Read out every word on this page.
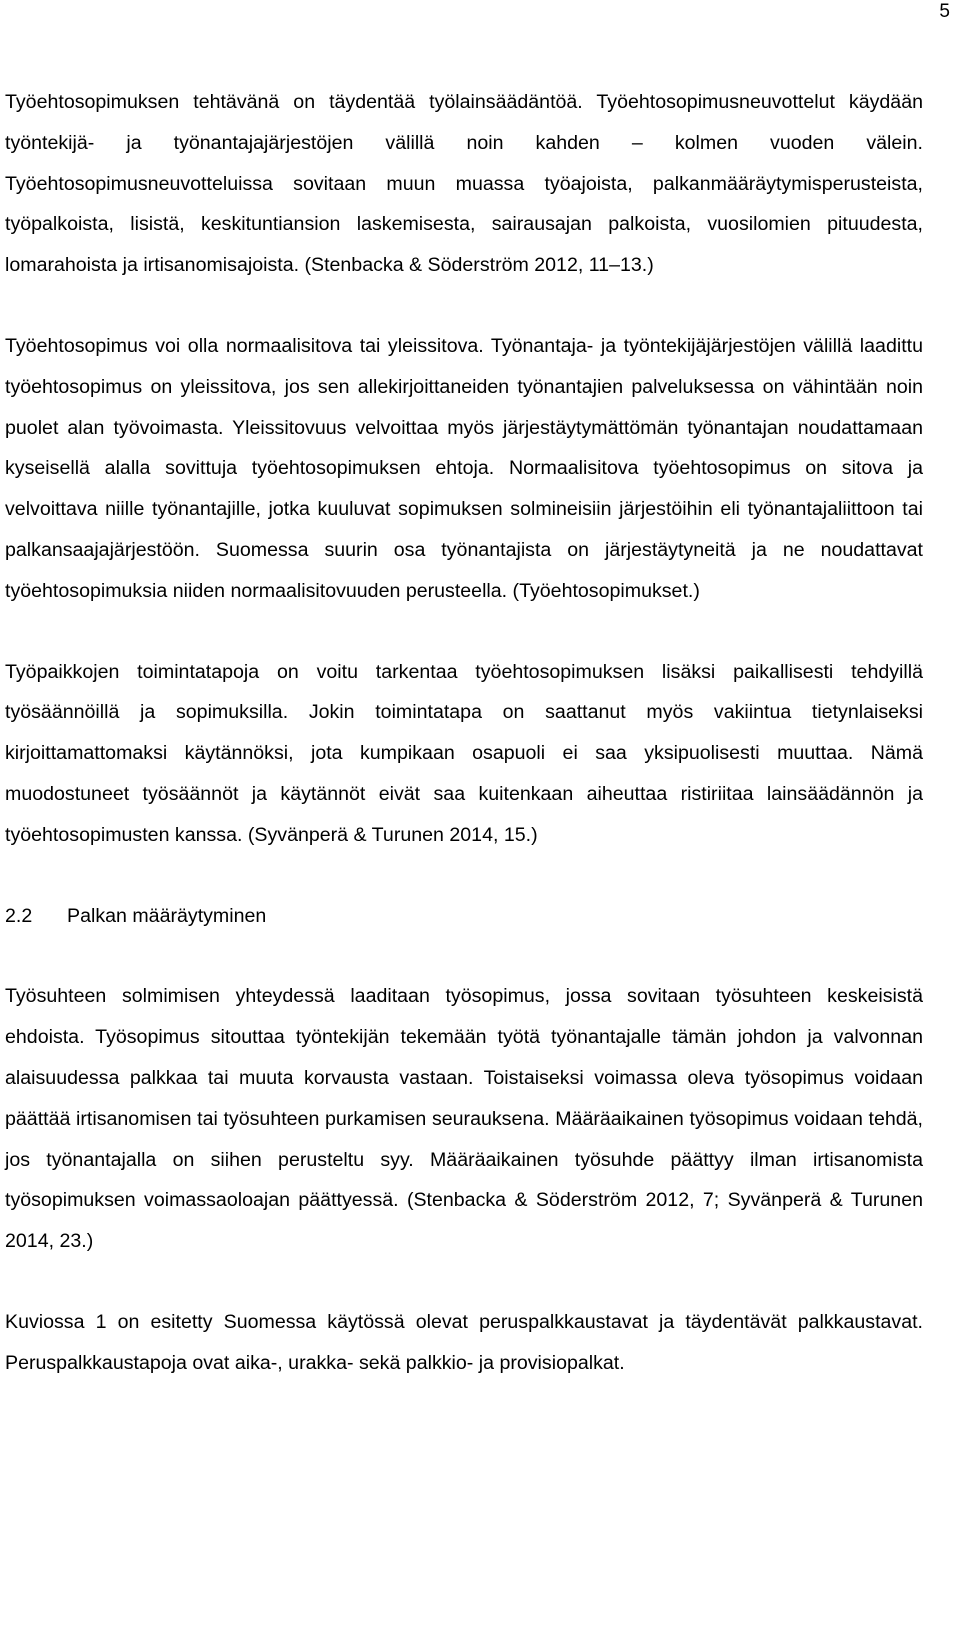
5

Työehtosopimuksen tehtävänä on täydentää työlainsäädäntöä. Työehtosopimusneuvottelut käydään työntekijä- ja työnantajajärjestöjen välillä noin kahden – kolmen vuoden välein. Työehtosopimusneuvotteluissa sovitaan muun muassa työajoista, palkanmääräytymisperusteista, työpalkoista, lisistä, keskituntiansion laskemisesta, sairausajan palkoista, vuosilomien pituudesta, lomarahoista ja irtisanomisajoista. (Stenbacka & Söderström 2012, 11–13.)

Työehtosopimus voi olla normaalisitova tai yleissitova. Työnantaja- ja työntekijäjärjestöjen välillä laadittu työehtosopimus on yleissitova, jos sen allekirjoittaneiden työnantajien palveluksessa on vähintään noin puolet alan työvoimasta. Yleissitovuus velvoittaa myös järjestäytymättömän työnantajan noudattamaan kyseisellä alalla sovittuja työehtosopimuksen ehtoja. Normaalisitova työehtosopimus on sitova ja velvoittava niille työnantajille, jotka kuuluvat sopimuksen solmineisiin järjestöihin eli työnantajaliittoon tai palkansaajajärjestöön. Suomessa suurin osa työnantajista on järjestäytyneitä ja ne noudattavat työehtosopimuksia niiden normaalisitovuuden perusteella. (Työehtosopimukset.)

Työpaikkojen toimintatapoja on voitu tarkentaa työehtosopimuksen lisäksi paikallisesti tehdyillä työsäännöillä ja sopimuksilla. Jokin toimintatapa on saattanut myös vakiintua tietynlaiseksi kirjoittamattomaksi käytännöksi, jota kumpikaan osapuoli ei saa yksipuolisesti muuttaa. Nämä muodostuneet työsäännöt ja käytännöt eivät saa kuitenkaan aiheuttaa ristiriitaa lainsäädännön ja työehtosopimusten kanssa. (Syvänperä & Turunen 2014, 15.)

2.2	Palkan määräytyminen

Työsuhteen solmimisen yhteydessä laaditaan työsopimus, jossa sovitaan työsuhteen keskeisistä ehdoista. Työsopimus sitouttaa työntekijän tekemään työtä työnantajalle tämän johdon ja valvonnan alaisuudessa palkkaa tai muuta korvausta vastaan. Toistaiseksi voimassa oleva työsopimus voidaan päättää irtisanomisen tai työsuhteen purkamisen seurauksena. Määräaikainen työsopimus voidaan tehdä, jos työnantajalla on siihen perusteltu syy. Määräaikainen työsuhde päättyy ilman irtisanomista työsopimuksen voimassaoloajan päättyessä. (Stenbacka & Söderström 2012, 7; Syvänperä & Turunen 2014, 23.)

Kuviossa 1 on esitetty Suomessa käytössä olevat peruspalkkaustavat ja täydentävät palkkaustavat. Peruspalkkaustapoja ovat aika-, urakka- sekä palkkio- ja provisiopalkat.
